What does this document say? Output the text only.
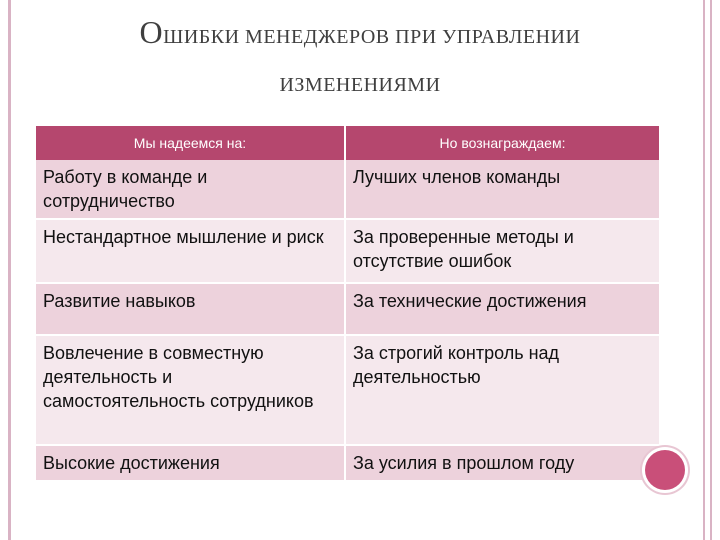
ОШИБКИ МЕНЕДЖЕРОВ ПРИ УПРАВЛЕНИИ
ИЗМЕНЕНИЯМИ
Мы надеемся на:	Но вознаграждаем:
Работу в команде и сотрудничество	Лучших членов команды
Нестандартное мышление и риск	За проверенные методы и отсутствие ошибок
Развитие навыков	За технические достижения
Вовлечение в совместную деятельность и самостоятельность сотрудников	За строгий контроль над деятельностью
Высокие достижения	За усилия в прошлом году
